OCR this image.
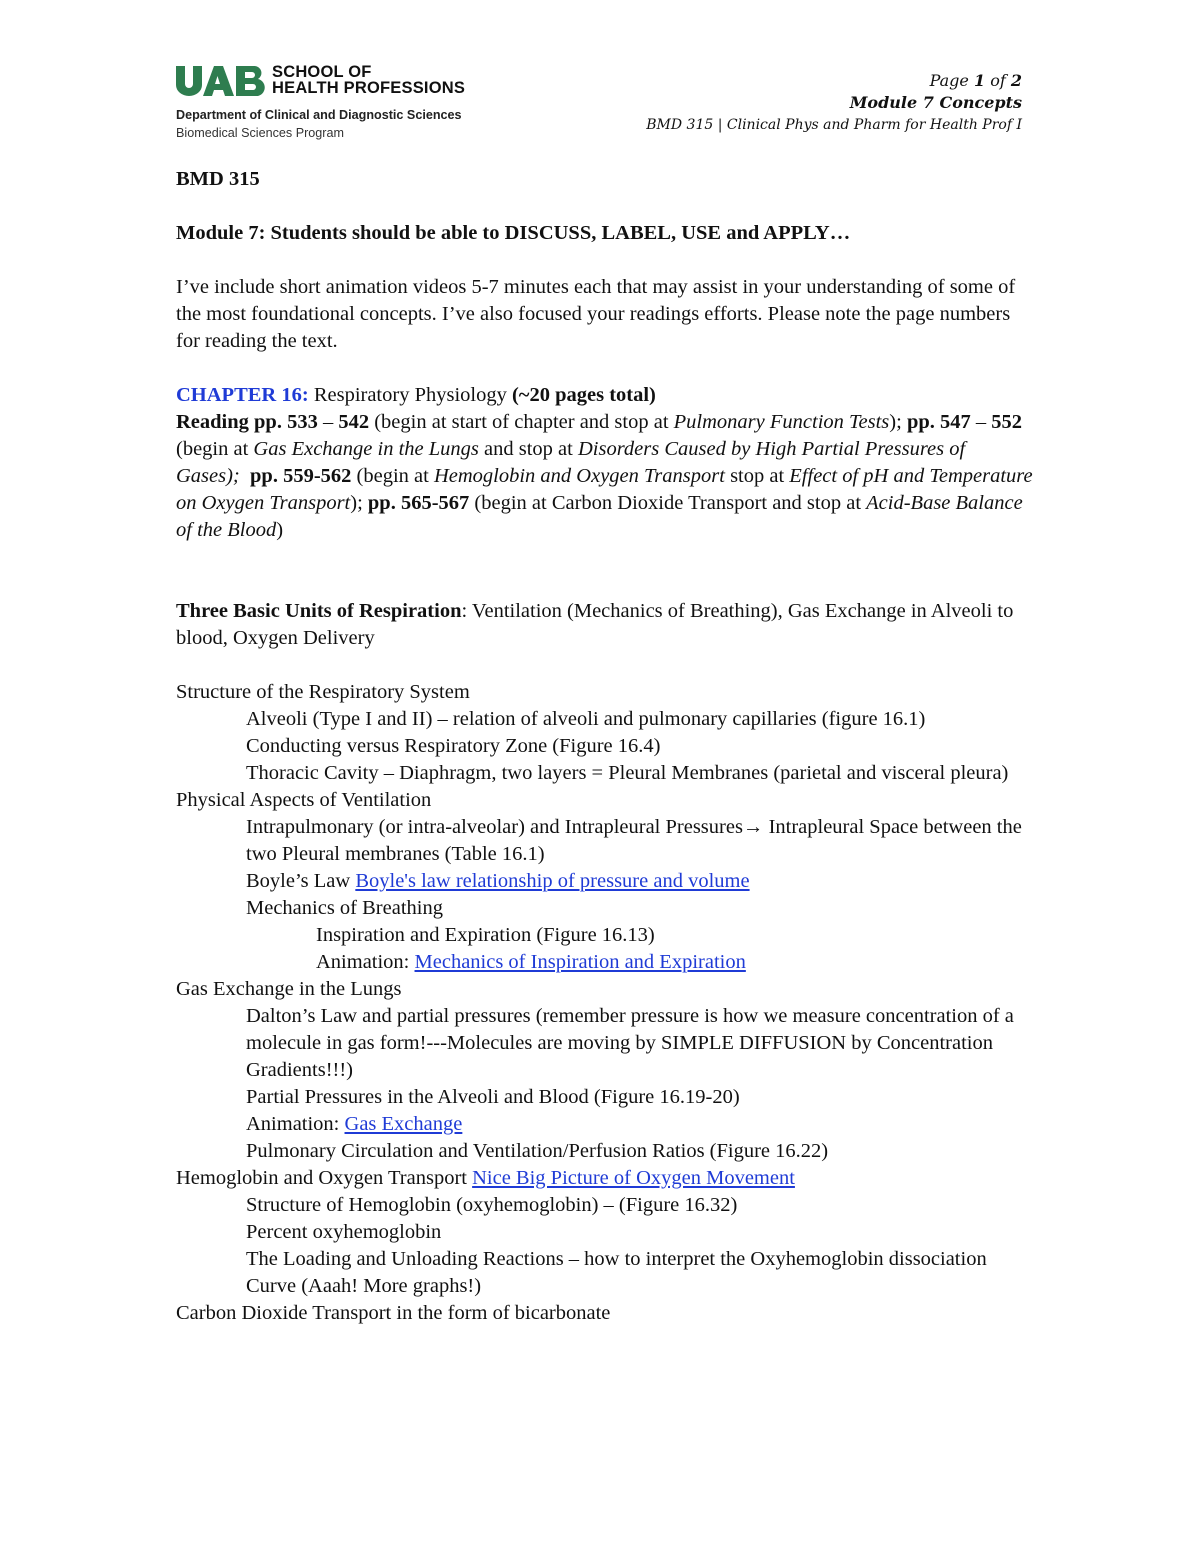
SCHOOL OF
HEALTH PROFESSIONS
Department of Clinical and Diagnostic Sciences
Biomedical Sciences Program
Page 1 of 2
Module 7 Concepts
BMD 315 | Clinical Phys and Pharm for Health Prof I

BMD 315

Module 7: Students should be able to DISCUSS, LABEL, USE and APPLY…

I’ve include short animation videos 5-7 minutes each that may assist in your understanding of some of the most foundational concepts. I’ve also focused your readings efforts. Please note the page numbers for reading the text.

CHAPTER 16: Respiratory Physiology (~20 pages total)

Reading pp. 533 – 542 (begin at start of chapter and stop at Pulmonary Function Tests); pp. 547 – 552 (begin at Gas Exchange in the Lungs and stop at Disorders Caused by High Partial Pressures of Gases); pp. 559-562 (begin at Hemoglobin and Oxygen Transport stop at Effect of pH and Temperature on Oxygen Transport); pp. 565-567 (begin at Carbon Dioxide Transport and stop at Acid-Base Balance of the Blood)

Three Basic Units of Respiration: Ventilation (Mechanics of Breathing), Gas Exchange in Alveoli to blood, Oxygen Delivery

Structure of the Respiratory System

Alveoli (Type I and II) – relation of alveoli and pulmonary capillaries (figure 16.1)

Conducting versus Respiratory Zone (Figure 16.4)

Thoracic Cavity – Diaphragm, two layers = Pleural Membranes (parietal and visceral pleura)

Physical Aspects of Ventilation

Intrapulmonary (or intra-alveolar) and Intrapleural Pressures→ Intrapleural Space between the two Pleural membranes (Table 16.1)

Boyle’s Law Boyle's law relationship of pressure and volume

Mechanics of Breathing

Inspiration and Expiration (Figure 16.13)

Animation: Mechanics of Inspiration and Expiration

Gas Exchange in the Lungs

Dalton’s Law and partial pressures (remember pressure is how we measure concentration of a molecule in gas form!---Molecules are moving by SIMPLE DIFFUSION by Concentration Gradients!!!)

Partial Pressures in the Alveoli and Blood (Figure 16.19-20)

Animation: Gas Exchange

Pulmonary Circulation and Ventilation/Perfusion Ratios (Figure 16.22)

Hemoglobin and Oxygen Transport Nice Big Picture of Oxygen Movement

Structure of Hemoglobin (oxyhemoglobin) – (Figure 16.32)

Percent oxyhemoglobin

The Loading and Unloading Reactions – how to interpret the Oxyhemoglobin dissociation Curve (Aaah! More graphs!)

Carbon Dioxide Transport in the form of bicarbonate
